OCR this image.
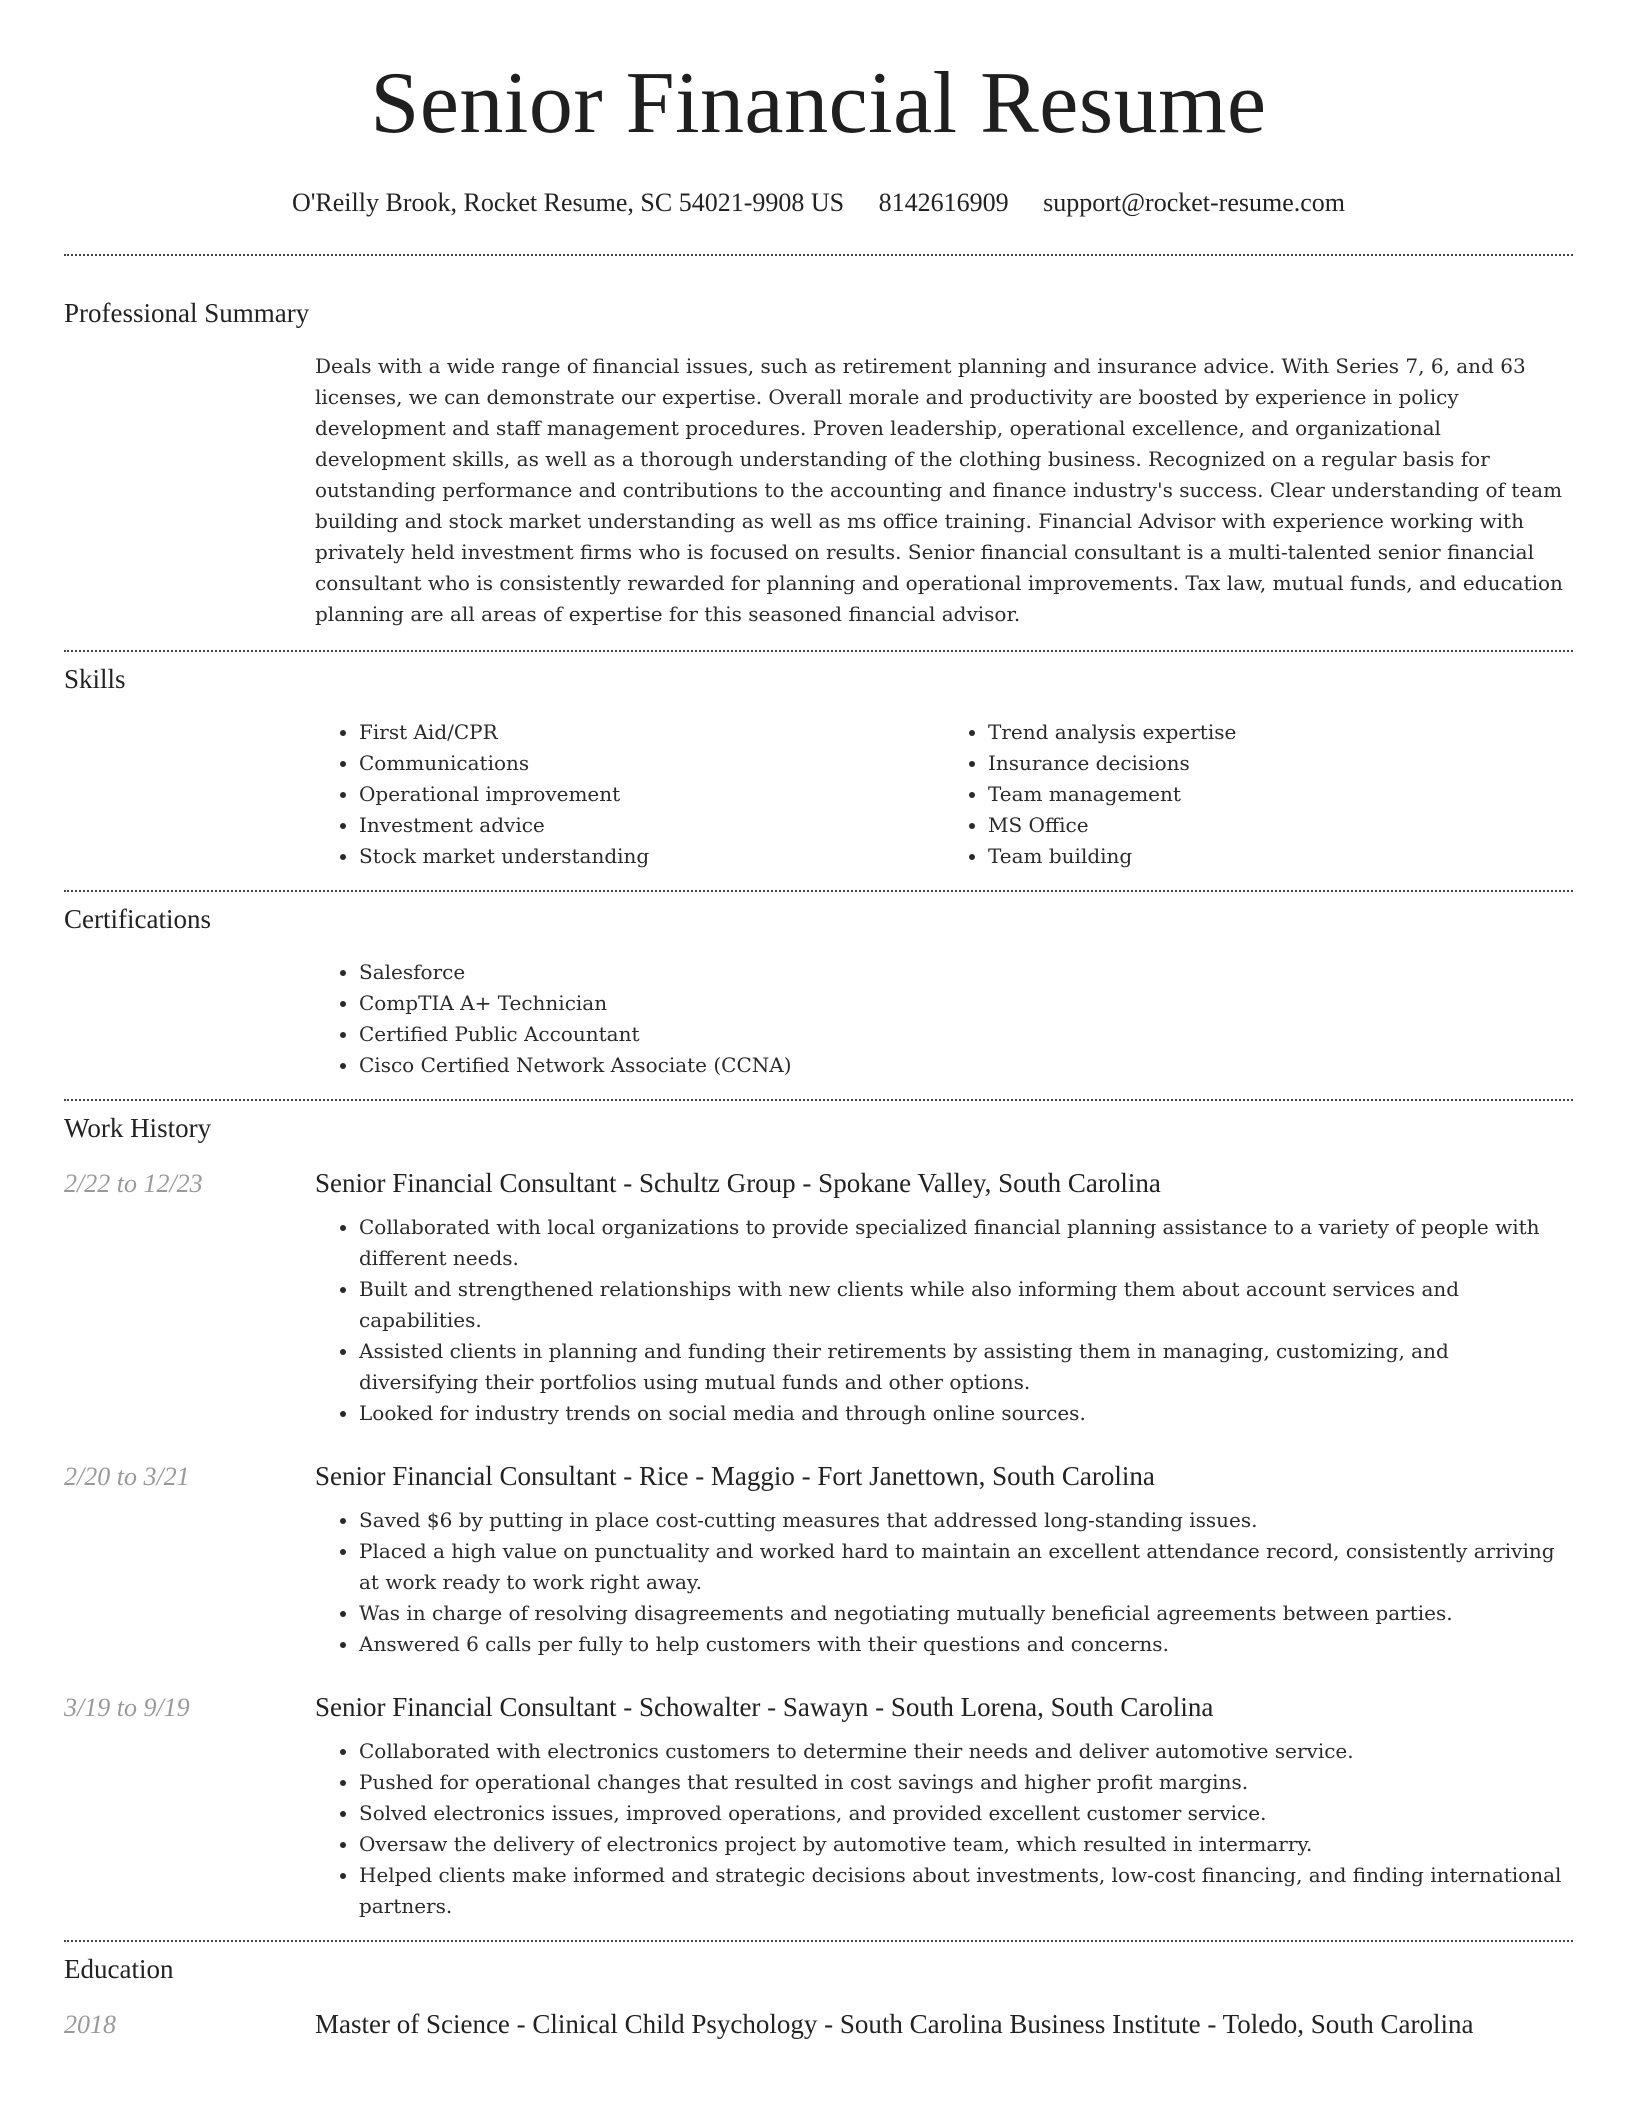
Senior Financial Resume
O'Reilly Brook, Rocket Resume, SC 54021-9908 US 8142616909 support@rocket-resume.com
Professional Summary
Deals with a wide range of financial issues, such as retirement planning and insurance advice. With Series 7, 6, and 63 licenses, we can demonstrate our expertise. Overall morale and productivity are boosted by experience in policy development and staff management procedures. Proven leadership, operational excellence, and organizational development skills, as well as a thorough understanding of the clothing business. Recognized on a regular basis for outstanding performance and contributions to the accounting and finance industry's success. Clear understanding of team building and stock market understanding as well as ms office training. Financial Advisor with experience working with privately held investment firms who is focused on results. Senior financial consultant is a multi-talented senior financial consultant who is consistently rewarded for planning and operational improvements. Tax law, mutual funds, and education planning are all areas of expertise for this seasoned financial advisor.
Skills
• First Aid/CPR
• Communications
• Operational improvement
• Investment advice
• Stock market understanding
• Trend analysis expertise
• Insurance decisions
• Team management
• MS Office
• Team building
Certifications
• Salesforce
• CompTIA A+ Technician
• Certified Public Accountant
• Cisco Certified Network Associate (CCNA)
Work History
2/22 to 12/23	Senior Financial Consultant - Schultz Group - Spokane Valley, South Carolina
• Collaborated with local organizations to provide specialized financial planning assistance to a variety of people with different needs.
• Built and strengthened relationships with new clients while also informing them about account services and capabilities.
• Assisted clients in planning and funding their retirements by assisting them in managing, customizing, and diversifying their portfolios using mutual funds and other options.
• Looked for industry trends on social media and through online sources.
2/20 to 3/21	Senior Financial Consultant - Rice - Maggio - Fort Janettown, South Carolina
• Saved $6 by putting in place cost-cutting measures that addressed long-standing issues.
• Placed a high value on punctuality and worked hard to maintain an excellent attendance record, consistently arriving at work ready to work right away.
• Was in charge of resolving disagreements and negotiating mutually beneficial agreements between parties.
• Answered 6 calls per fully to help customers with their questions and concerns.
3/19 to 9/19	Senior Financial Consultant - Schowalter - Sawayn - South Lorena, South Carolina
• Collaborated with electronics customers to determine their needs and deliver automotive service.
• Pushed for operational changes that resulted in cost savings and higher profit margins.
• Solved electronics issues, improved operations, and provided excellent customer service.
• Oversaw the delivery of electronics project by automotive team, which resulted in intermarry.
• Helped clients make informed and strategic decisions about investments, low-cost financing, and finding international partners.
Education
2018	Master of Science - Clinical Child Psychology - South Carolina Business Institute - Toledo, South Carolina
